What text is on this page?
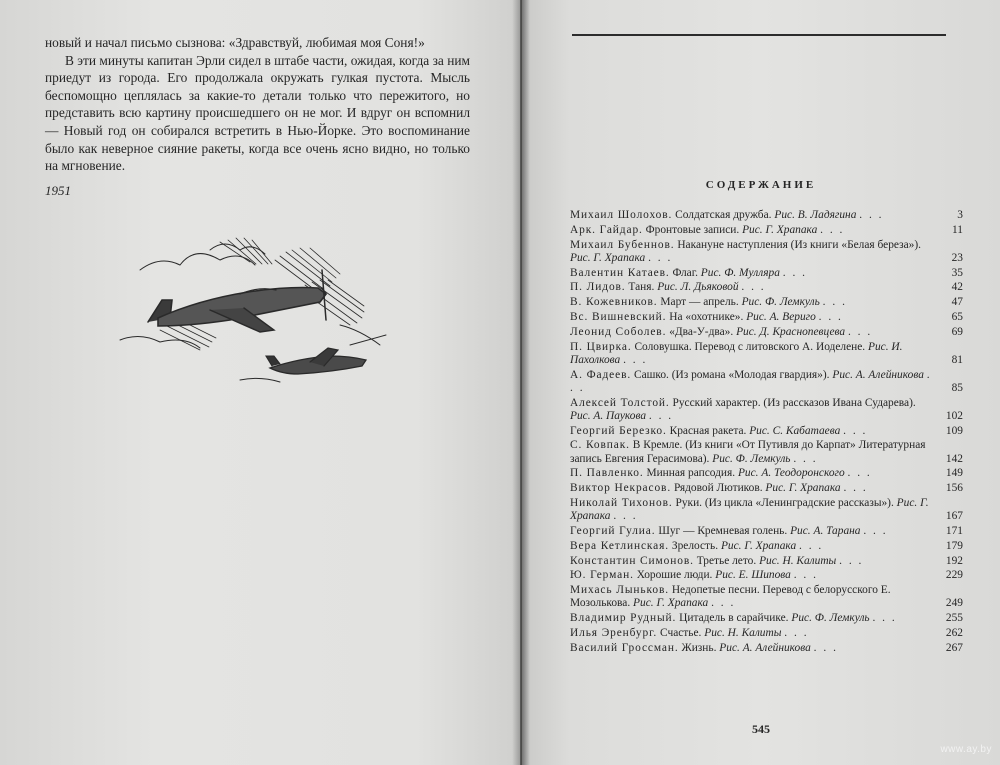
новый и начал письмо сызнова: «Здравствуй, любимая моя Соня!»

В эти минуты капитан Эрли сидел в штабе части, ожидая, когда за ним приедут из города. Его продолжала окружать гулкая пустота. Мысль беспомощно цеплялась за какие-то детали только что пережитого, но представить всю картину происшедшего он не мог. И вдруг он вспомнил — Новый год он собирался встретить в Нью-Йорке. Это воспоминание было как неверное сияние ракеты, когда все очень ясно видно, но только на мгновение.

1951	СОДЕРЖАНИЕ
Михаил Шолохов. Солдатская дружба. Рис. В. Ладягина . . .	3
Арк. Гайдар. Фронтовые записи. Рис. Г. Храпака . . .	11
Михаил Бубеннов. Накануне наступления (Из книги «Белая береза»). Рис. Г. Храпака . . .	23
Валентин Катаев. Флаг. Рис. Ф. Мулляра . . .	35
П. Лидов. Таня. Рис. Л. Дьяковой . . .	42
В. Кожевников. Март — апрель. Рис. Ф. Лемкуль . . .	47
Вс. Вишневский. На «охотнике». Рис. А. Вериго . . .	65
Леонид Соболев. «Два-У-два». Рис. Д. Краснопевцева . . .	69
П. Цвирка. Соловушка. Перевод с литовского А. Иоделене. Рис. И. Пахолкова . . .	81
А. Фадеев. Сашко. (Из романа «Молодая гвардия»). Рис. А. Алейникова . . .	85
Алексей Толстой. Русский характер. (Из рассказов Ивана Сударева). Рис. А. Паукова . . .	102
Георгий Березко. Красная ракета. Рис. С. Кабатаева . . .	109
С. Ковпак. В Кремле. (Из книги «От Путивля до Карпат» Литературная запись Евгения Герасимова). Рис. Ф. Лемкуль . . .	142
П. Павленко. Минная рапсодия. Рис. А. Теодоронского . . .	149
Виктор Некрасов. Рядовой Лютиков. Рис. Г. Храпака . . .	156
Николай Тихонов. Руки. (Из цикла «Ленинградские рассказы»). Рис. Г. Храпака . . .	167
Георгий Гулиа. Шуг — Кремневая голень. Рис. А. Тарана . . .	171
Вера Кетлинская. Зрелость. Рис. Г. Храпака . . .	179
Константин Симонов. Третье лето. Рис. Н. Калиты . . .	192
Ю. Герман. Хорошие люди. Рис. Е. Шипова . . .	229
Михась Лыньков. Недопетые песни. Перевод с белорусского Е. Мозолькова. Рис. Г. Храпака . . .	249
Владимир Рудный. Цитадель в сарайчике. Рис. Ф. Лемкуль . . .	255
Илья Эренбург. Счастье. Рис. Н. Калиты . . .	262
Василий Гроссман. Жизнь. Рис. А. Алейникова . . .	267
545
www.ay.by
